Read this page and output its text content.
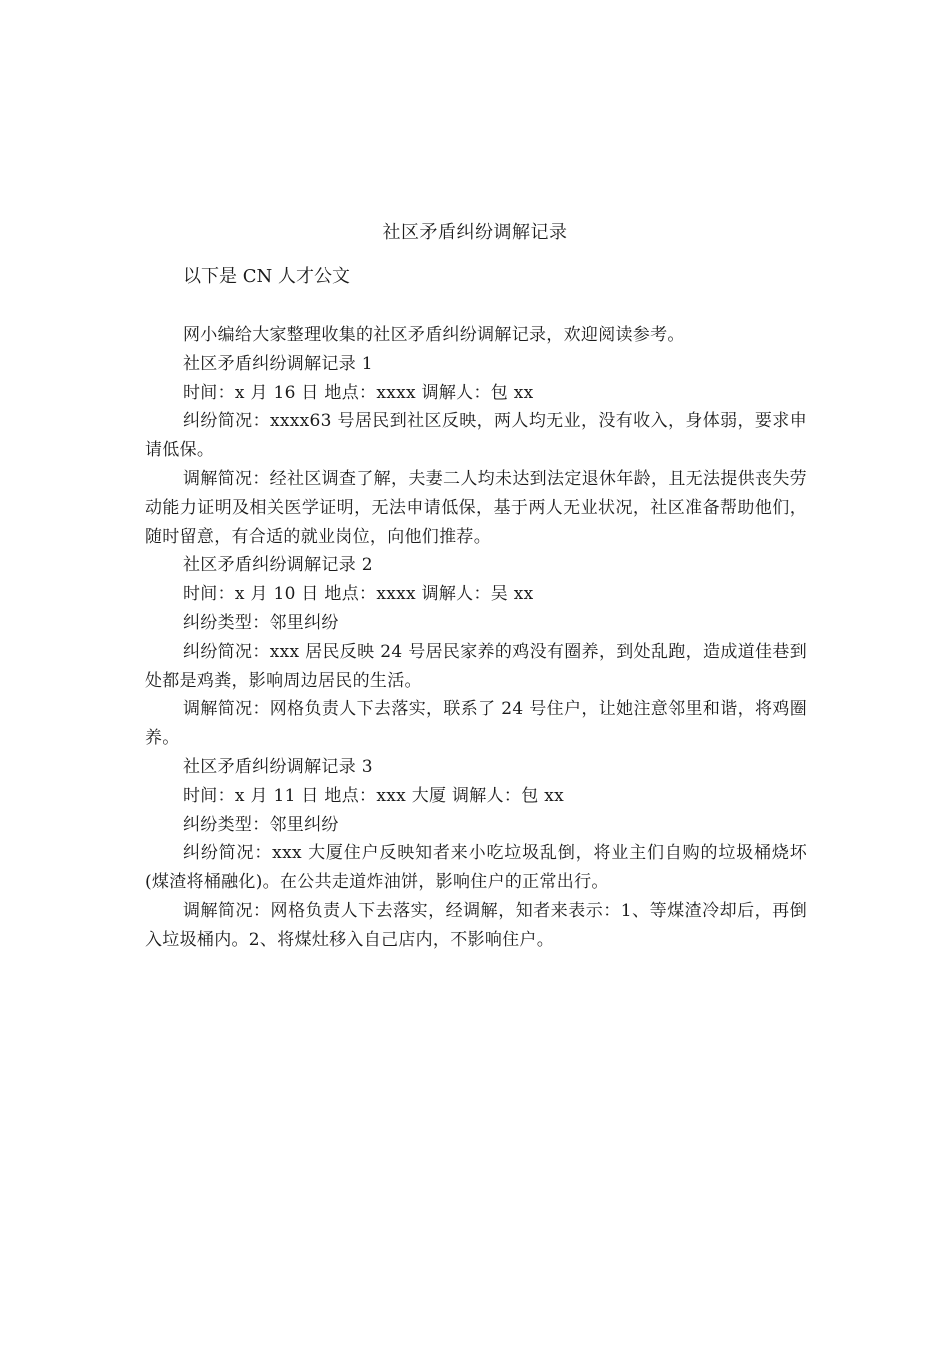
社区矛盾纠纷调解记录
以下是 CN 人才公文

网小编给大家整理收集的社区矛盾纠纷调解记录，欢迎阅读参考。

社区矛盾纠纷调解记录 1

时间：x 月 16 日 地点：xxxx 调解人：包 xx

纠纷简况：xxxx63 号居民到社区反映，两人均无业，没有收入，身体弱，要求申请低保。

调解简况：经社区调查了解，夫妻二人均未达到法定退休年龄，且无法提供丧失劳动能力证明及相关医学证明，无法申请低保，基于两人无业状况，社区准备帮助他们，随时留意，有合适的就业岗位，向他们推荐。

社区矛盾纠纷调解记录 2

时间：x 月 10 日 地点：xxxx 调解人：吴 xx

纠纷类型：邻里纠纷

纠纷简况：xxx 居民反映 24 号居民家养的鸡没有圈养，到处乱跑，造成道佳巷到处都是鸡粪，影响周边居民的生活。

调解简况：网格负责人下去落实，联系了 24 号住户，让她注意邻里和谐，将鸡圈养。

社区矛盾纠纷调解记录 3

时间：x 月 11 日 地点：xxx 大厦 调解人：包 xx

纠纷类型：邻里纠纷

纠纷简况：xxx 大厦住户反映知者来小吃垃圾乱倒，将业主们自购的垃圾桶烧坏(煤渣将桶融化)。在公共走道炸油饼，影响住户的正常出行。

调解简况：网格负责人下去落实，经调解，知者来表示：1、等煤渣冷却后，再倒入垃圾桶内。2、将煤灶移入自己店内，不影响住户。
